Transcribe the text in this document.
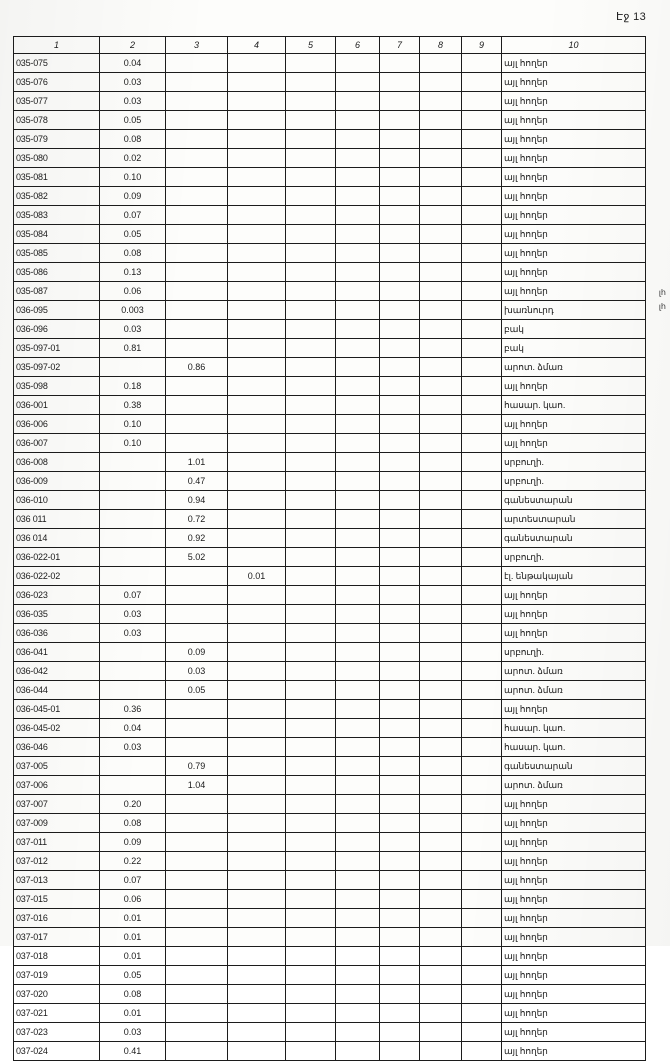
Էջ 13
լհ
լհ
1	2	3	4	5	6	7	8	9	10
035-075	0.04								այլ հողեր
035-076	0.03								այլ հողեր
035-077	0.03								այլ հողեր
035-078	0.05								այլ հողեր
035-079	0.08								այլ հողեր
035-080	0.02								այլ հողեր
035-081	0.10								այլ հողեր
035-082	0.09								այլ հողեր
035-083	0.07								այլ հողեր
035-084	0.05								այլ հողեր
035-085	0.08								այլ հողեր
035-086	0.13								այլ հողեր
035-087	0.06								այլ հողեր
036-095	0.003								խառնուրդ
036-096	0.03								բակ
035-097-01	0.81								բակ
035-097-02		0.86							արոտ. ձմառ
035-098	0.18								այլ հողեր
036-001	0.38								հասար. կաո.
036-006	0.10								այլ հողեր
036-007	0.10								այլ հողեր
036-008		1.01							սրբուղի.
036-009		0.47							սրբուղի.
036-010		0.94							գանեստարան
036 011		0.72							արտեստարան
036 014		0.92							գանեստարան
036-022-01		5.02							սրբուղի.
036-022-02			0.01						էլ. ենթակայան
036-023	0.07								այլ հողեր
036-035	0.03								այլ հողեր
036-036	0.03								այլ հողեր
036-041		0.09							սրբուղի.
036-042		0.03							արոտ. ձմառ
036-044		0.05							արոտ. ձմառ
036-045-01	0.36								այլ հողեր
036-045-02	0.04								հասար. կաո.
036-046	0.03								հասար. կաո.
037-005		0.79							գանեստարան
037-006		1.04							արոտ. ձմառ
037-007	0.20								այլ հողեր
037-009	0.08								այլ հողեր
037-011	0.09								այլ հողեր
037-012	0.22								այլ հողեր
037-013	0.07								այլ հողեր
037-015	0.06								այլ հողեր
037-016	0.01								այլ հողեր
037-017	0.01								այլ հողեր
037-018	0.01								այլ հողեր
037-019	0.05								այլ հողեր
037-020	0.08								այլ հողեր
037-021	0.01								այլ հողեր
037-023	0.03								այլ հողեր
037-024	0.41								այլ հողեր
